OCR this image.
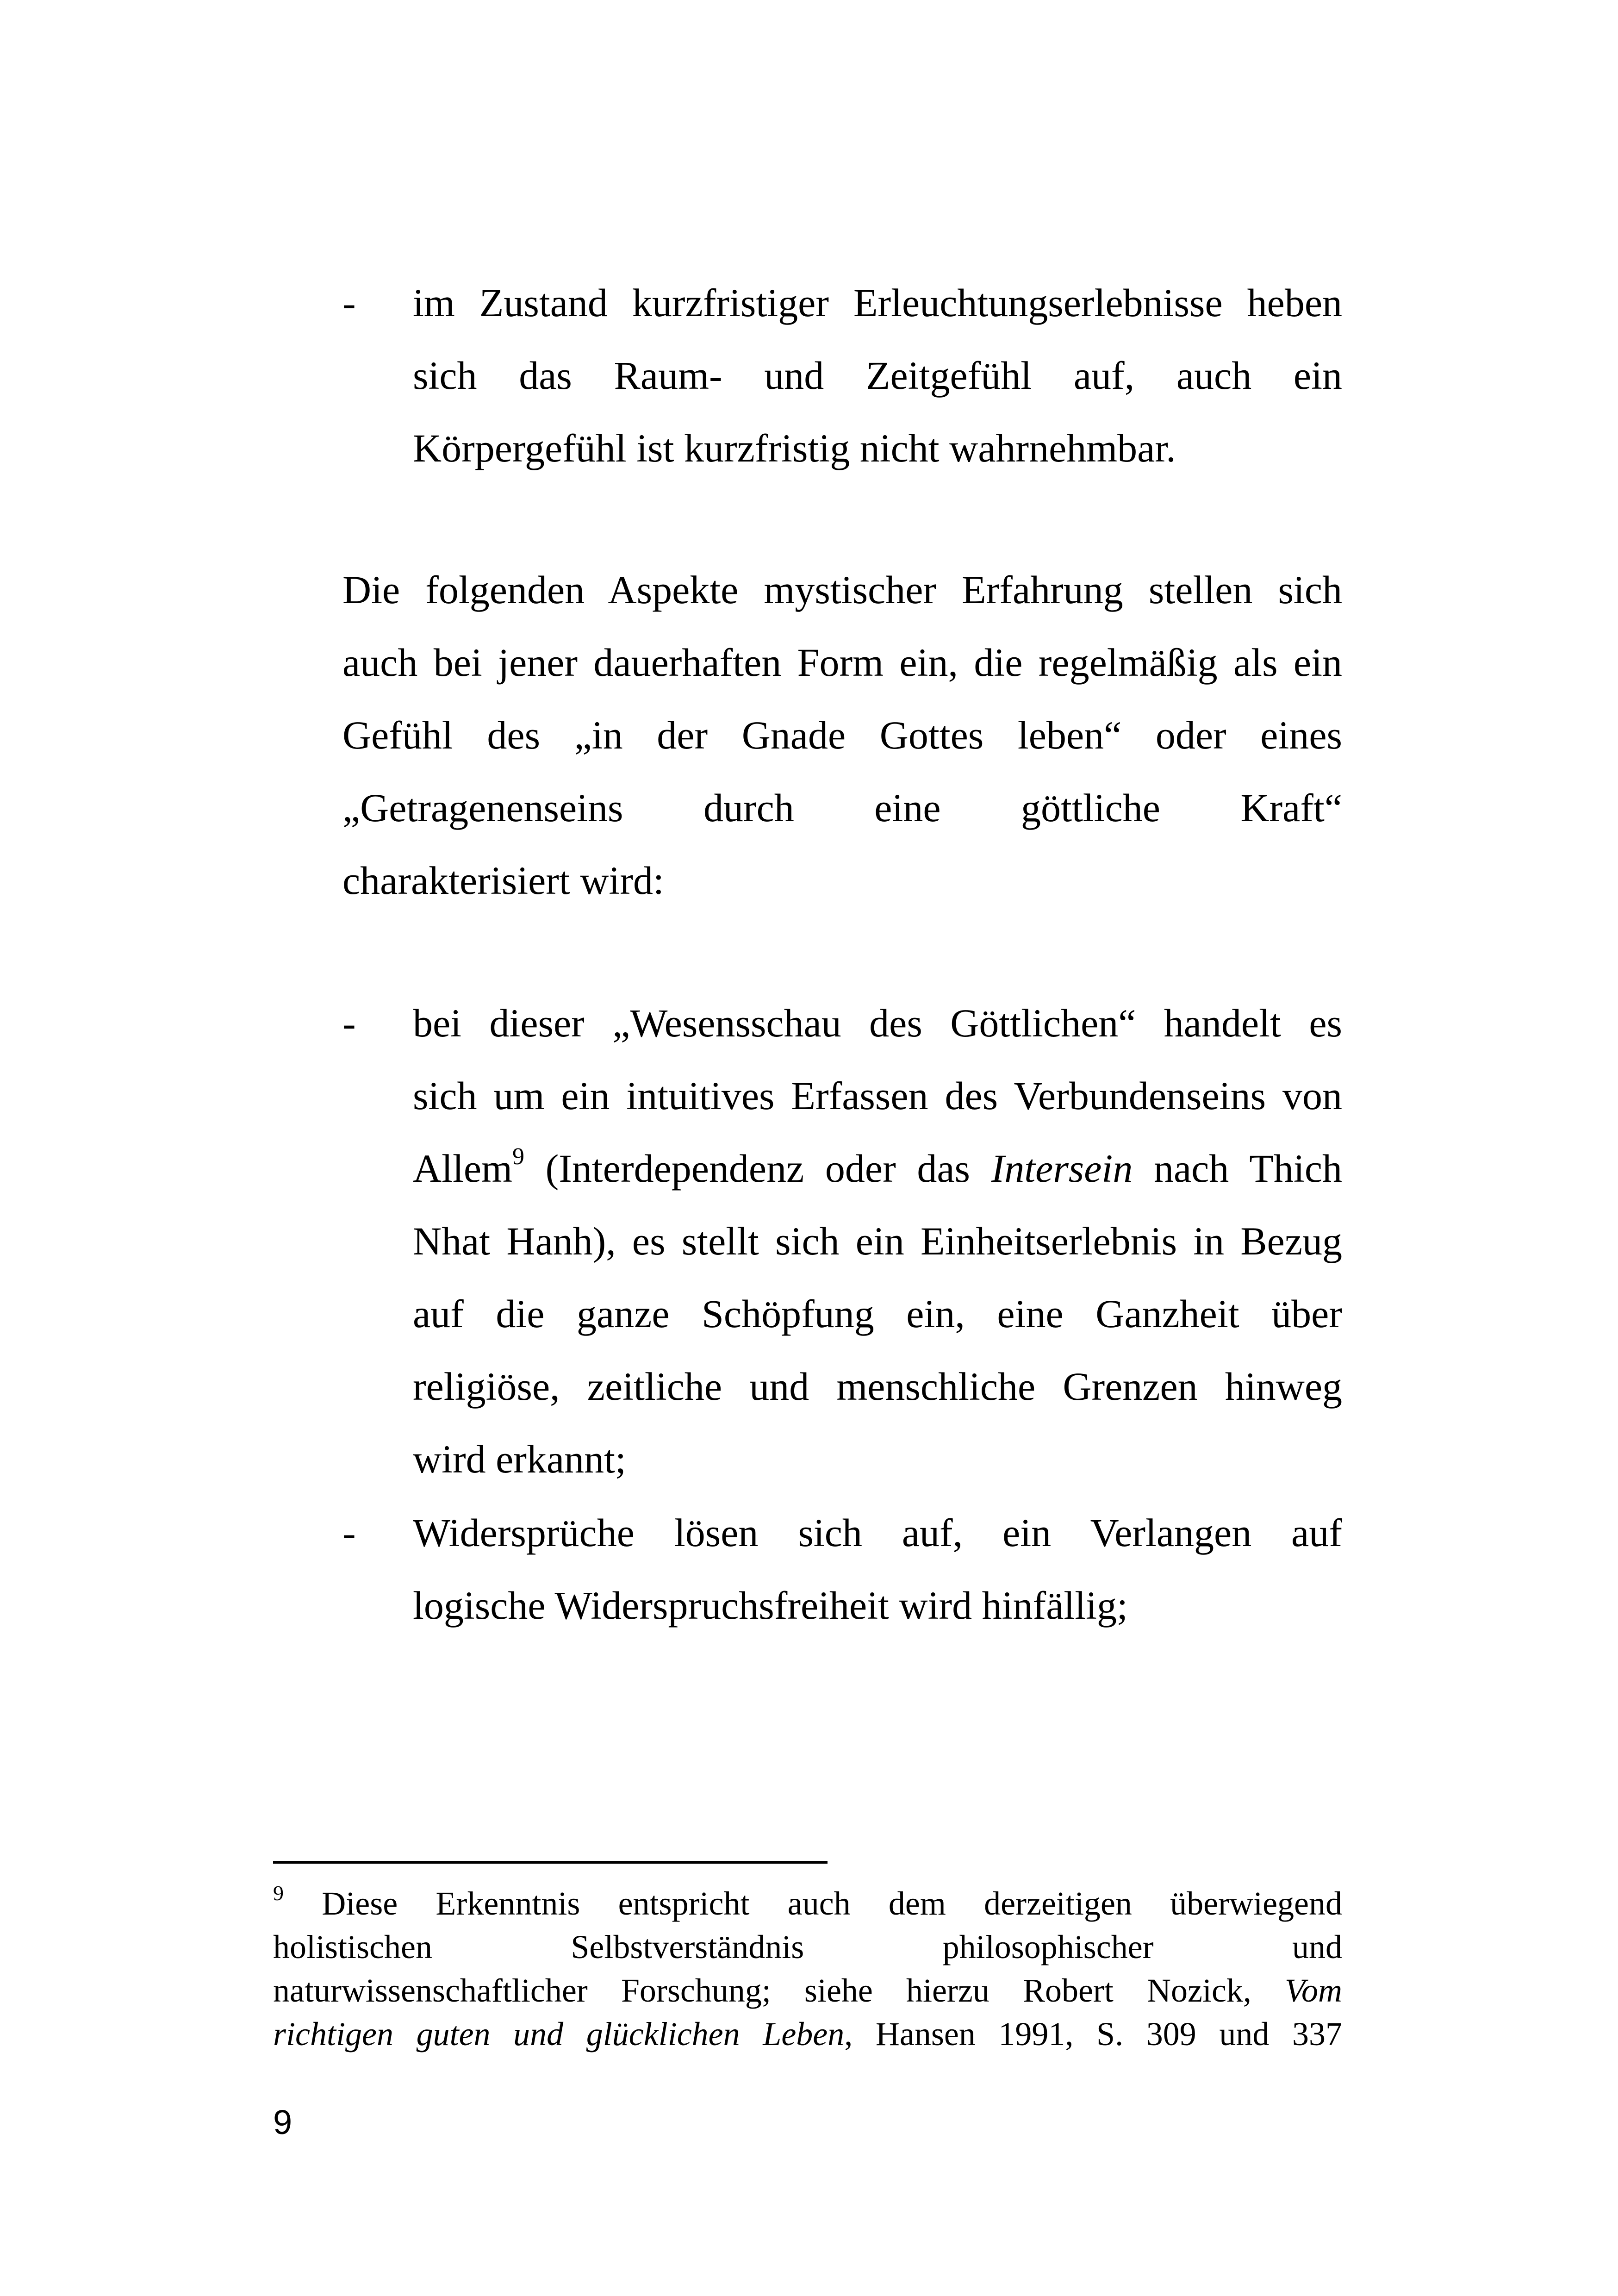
- im Zustand kurzfristiger Erleuchtungserlebnisse heben
sich das Raum- und Zeitgefühl auf, auch ein
Körpergefühl ist kurzfristig nicht wahrnehmbar.
Die folgenden Aspekte mystischer Erfahrung stellen sich
auch bei jener dauerhaften Form ein, die regelmäßig als ein
Gefühl des „in der Gnade Gottes leben“ oder eines
„Getragenenseins durch eine göttliche Kraft“
charakterisiert wird:
- bei dieser „Wesensschau des Göttlichen“ handelt es
sich um ein intuitives Erfassen des Verbundenseins von
Allem$^9$ (Interdependenz oder das Intersein nach Thich
Nhat Hanh), es stellt sich ein Einheitserlebnis in Bezug
auf die ganze Schöpfung ein, eine Ganzheit über
religiöse, zeitliche und menschliche Grenzen hinweg
wird erkannt;
- Widersprüche lösen sich auf, ein Verlangen auf
logische Widerspruchsfreiheit wird hinfällig;
$^9$ Diese Erkenntnis entspricht auch dem derzeitigen überwiegend
holistischen Selbstverständnis philosophischer und
naturwissenschaftlicher Forschung; siehe hierzu Robert Nozick, Vom
richtigen guten und glücklichen Leben, Hansen 1991, S. 309 und 337
9
